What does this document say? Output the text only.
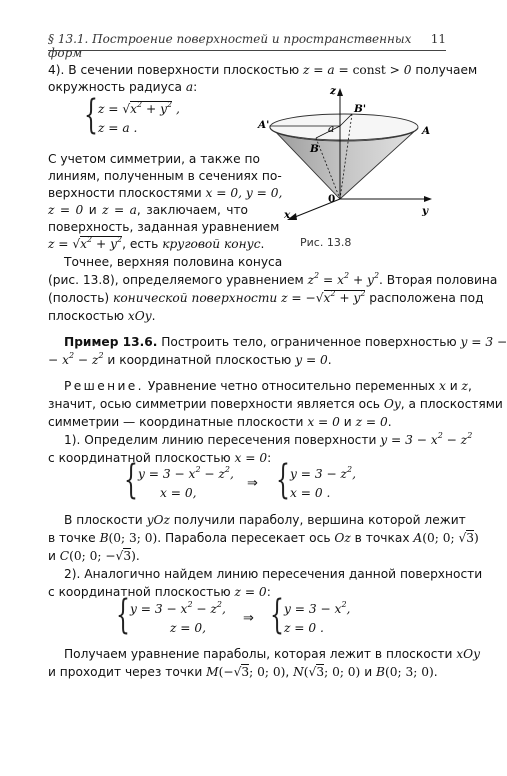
§ 13.1. Построение поверхностей и пространственных форм
11
4). В сечении поверхности плоскостью z = a = const > 0 получаем
окружность радиуса a:
{ $z = √x^2 + y^2$ ,
z = a .
С учетом симметрии, а также по
линиям, полученным в сечениях по-
верхности плоскостями x = 0, y = 0,
z = 0 и z = a, заключаем, что
поверхность, заданная уравнением
$z = √x^2 + y^2$, есть круговой конус.
Точнее, верхняя половина конуса
(рис. 13.8), определяемого уравнением $z^2 = x^2 + y^2$. Вторая половина
(полость) конической поверхности $z = -√x^2 + y^2$ расположена под
плоскостью xOy.
z
a
B'
A'	A
B
0
y
x
Рис. 13.8
Пример 13.6. Построить тело, ограниченное поверхностью y = 3 −
− $x^2 - z^2$ и координатной плоскостью y = 0.
Решение. Уравнение четно относительно переменных x и z,
значит, осью симметрии поверхности является ось Oy, а плоскостями
симметрии — координатные плоскости x = 0 и z = 0.
1). Определим линию пересечения поверхности $y = 3 - x^2 - z^2$
с координатной плоскостью x = 0:
{ $y = 3 - x^2 - z^2$,
x = 0,
⇒ { $y = 3 - z^2$,
x = 0 .
В плоскости yOz получили параболу, вершина которой лежит
в точке B(0; 3; 0). Парабола пересекает ось Oz в точках A(0; 0; √3)
и C(0; 0; −√3).
2). Аналогично найдем линию пересечения данной поверхности
с координатной плоскостью z = 0:
{ $y = 3 - x^2 - z^2$,
z = 0,
⇒ { $y = 3 - x^2$,
z = 0 .
Получаем уравнение параболы, которая лежит в плоскости xOy
и проходит через точки M(−√3; 0; 0), N(√3; 0; 0) и B(0; 3; 0).
